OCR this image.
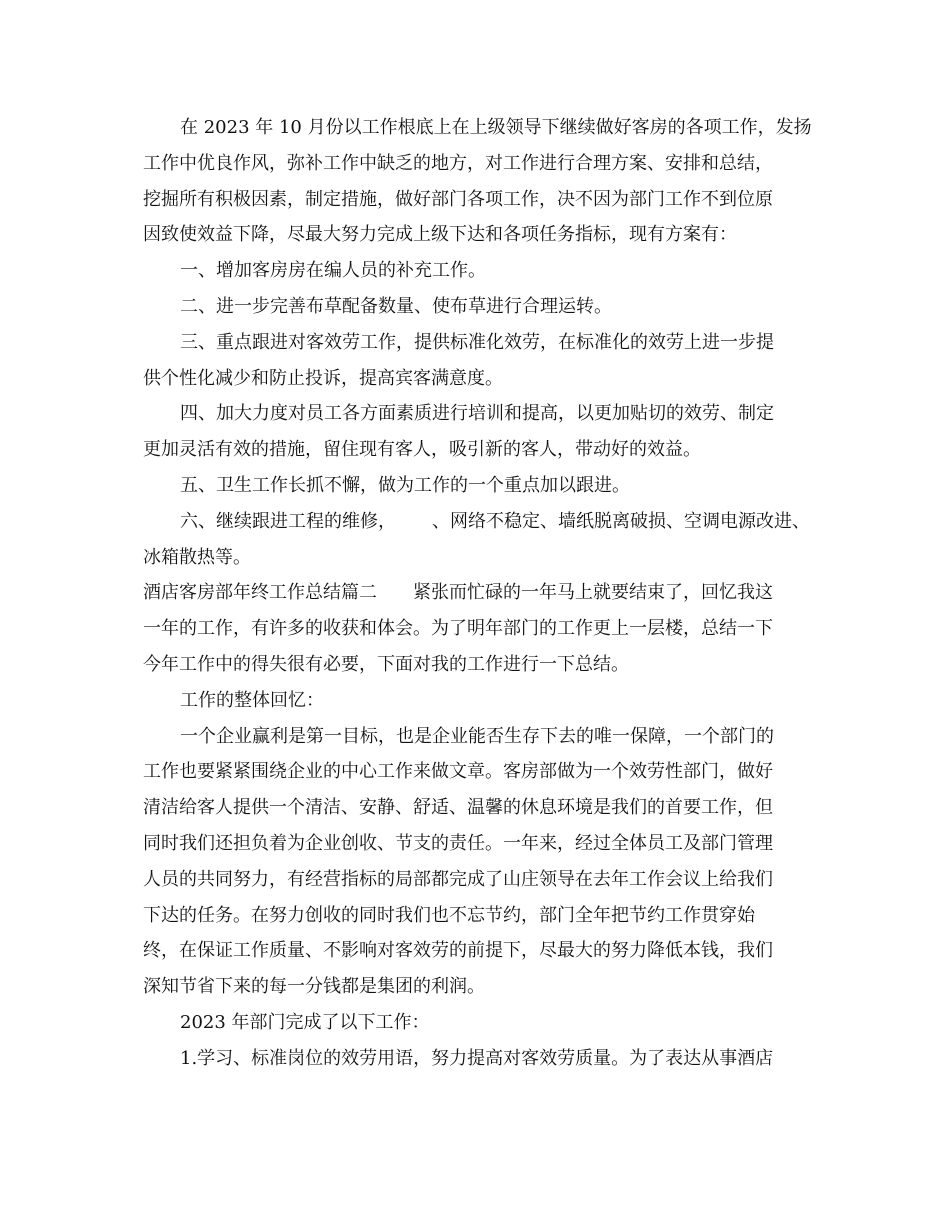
在 2023 年 10 月份以工作根底上在上级领导下继续做好客房的各项工作，发扬
工作中优良作风，弥补工作中缺乏的地方，对工作进行合理方案、安排和总结，
挖掘所有积极因素，制定措施，做好部门各项工作，决不因为部门工作不到位原
因致使效益下降，尽最大努力完成上级下达和各项任务指标，现有方案有：
一、增加客房房在编人员的补充工作。
二、进一步完善布草配备数量、使布草进行合理运转。
三、重点跟进对客效劳工作，提供标准化效劳，在标准化的效劳上进一步提
供个性化减少和防止投诉，提高宾客满意度。
四、加大力度对员工各方面素质进行培训和提高，以更加贴切的效劳、制定
更加灵活有效的措施，留住现有客人，吸引新的客人，带动好的效益。
五、卫生工作长抓不懈，做为工作的一个重点加以跟进。
六、继续跟进工程的维修， 、网络不稳定、墙纸脱离破损、空调电源改进、
冰箱散热等。
酒店客房部年终工作总结篇二 紧张而忙碌的一年马上就要结束了，回忆我这
一年的工作，有许多的收获和体会。为了明年部门的工作更上一层楼，总结一下
今年工作中的得失很有必要，下面对我的工作进行一下总结。
工作的整体回忆：
一个企业赢利是第一目标，也是企业能否生存下去的唯一保障，一个部门的
工作也要紧紧围绕企业的中心工作来做文章。客房部做为一个效劳性部门，做好
清洁给客人提供一个清洁、安静、舒适、温馨的休息环境是我们的首要工作，但
同时我们还担负着为企业创收、节支的责任。一年来，经过全体员工及部门管理
人员的共同努力，有经营指标的局部都完成了山庄领导在去年工作会议上给我们
下达的任务。在努力创收的同时我们也不忘节约，部门全年把节约工作贯穿始
终，在保证工作质量、不影响对客效劳的前提下，尽最大的努力降低本钱，我们
深知节省下来的每一分钱都是集团的利润。
2023 年部门完成了以下工作：
1.学习、标准岗位的效劳用语，努力提高对客效劳质量。为了表达从事酒店
